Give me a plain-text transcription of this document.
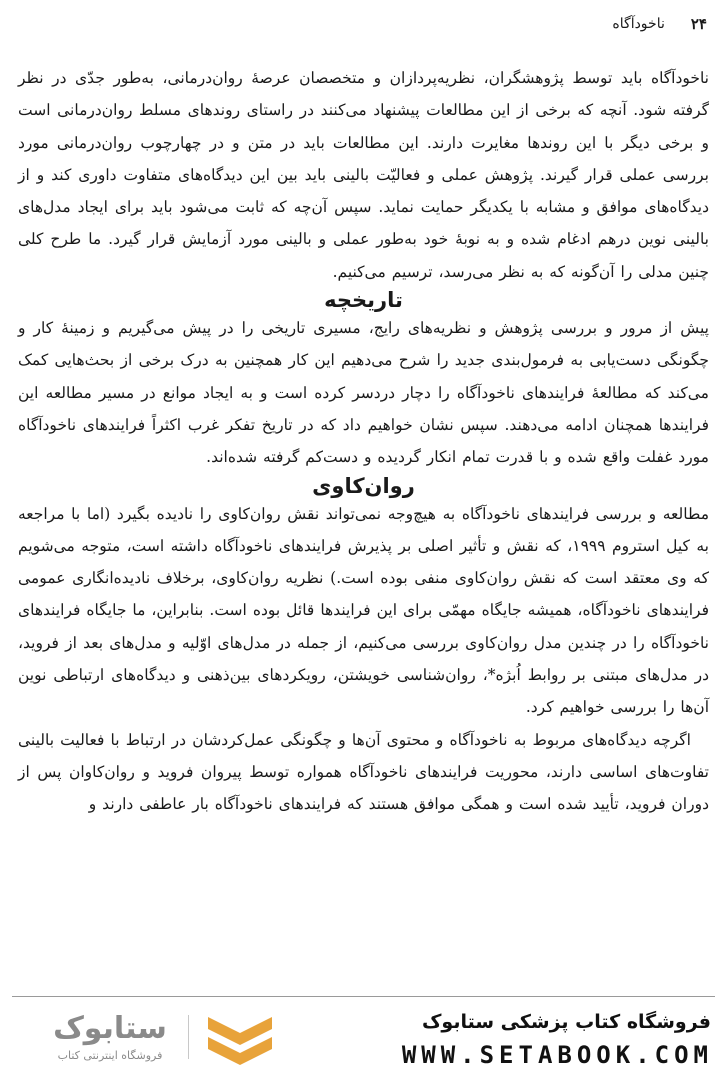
۲۴
ناخودآگاه

ناخودآگاه باید توسط پژوهشگران، نظریه‌پردازان و متخصصان عرصهٔ روان‌درمانی، به‌طور جدّی در نظر گرفته شود. آنچه که برخی از این مطالعات پیشنهاد می‌کنند در راستای روندهای مسلط روان‌درمانی است و برخی دیگر با این روندها مغایرت دارند. این مطالعات باید در متن و در چهارچوب روان‌درمانی مورد بررسی عملی قرار گیرند. پژوهش عملی و فعالیّت بالینی باید بین این دیدگاه‌های متفاوت داوری کند و از دیدگاه‌های موافق و مشابه با یکدیگر حمایت نماید. سپس آن‌چه که ثابت می‌شود باید برای ایجاد مدل‌های بالینی نوین درهم ادغام شده و به نوبهٔ خود به‌طور عملی و بالینی مورد آزمایش قرار گیرد. ما طرح کلی چنین مدلی را آن‌گونه که به نظر می‌رسد، ترسیم می‌کنیم.

تاریخچه

پیش از مرور و بررسی پژوهش و نظریه‌های رایج، مسیری تاریخی را در پیش می‌گیریم و زمینهٔ کار و چگونگی دست‌یابی به فرمول‌بندی جدید را شرح می‌دهیم این کار همچنین به درک برخی از بحث‌هایی کمک می‌کند که مطالعهٔ فرایندهای ناخودآگاه را دچار دردسر کرده است و به ایجاد موانع در مسیر مطالعه این فرایندها همچنان ادامه می‌دهند. سپس نشان خواهیم داد که در تاریخ تفکر غرب اکثراً فرایندهای ناخودآگاه مورد غفلت واقع شده و با قدرت تمام انکار گردیده و دست‌کم گرفته شده‌اند.

روان‌کاوی

مطالعه و بررسی فرایندهای ناخودآگاه به هیچ‌وجه نمی‌تواند نقش روان‌کاوی را نادیده بگیرد (اما با مراجعه به کیل استروم ۱۹۹۹، که نقش و تأثیر اصلی بر پذیرش فرایندهای ناخودآگاه داشته است، متوجه می‌شویم که وی معتقد است که نقش روان‌کاوی منفی بوده است.) نظریه روان‌کاوی، برخلاف نادیده‌انگاری عمومی فرایندهای ناخودآگاه، همیشه جایگاه مهمّی برای این فرایندها قائل بوده است. بنابراین، ما جایگاه فرایندهای ناخودآگاه را در چندین مدل روان‌کاوی بررسی می‌کنیم، از جمله در مدل‌های اوّلیه و مدل‌های بعد از فروید، در مدل‌های مبتنی بر روابط اُبژه*، روان‌شناسی خویشتن، رویکردهای بین‌ذهنی و دیدگاه‌های ارتباطی نوین آن‌ها را بررسی خواهیم کرد.

اگرچه دیدگاه‌های مربوط به ناخودآگاه و محتوی آن‌ها و چگونگی عمل‌کردشان در ارتباط با فعالیت بالینی تفاوت‌های اساسی دارند، محوریت فرایندهای ناخودآگاه همواره توسط پیروان فروید و روان‌کاوان پس از دوران فروید، تأیید شده است و همگی موافق هستند که فرایندهای ناخودآگاه بار عاطفی دارند و

فروشگاه کتاب پزشکی ستابوک
WWW.SETABOOK.COM
ستابوک
فروشگاه اینترنتی کتاب
